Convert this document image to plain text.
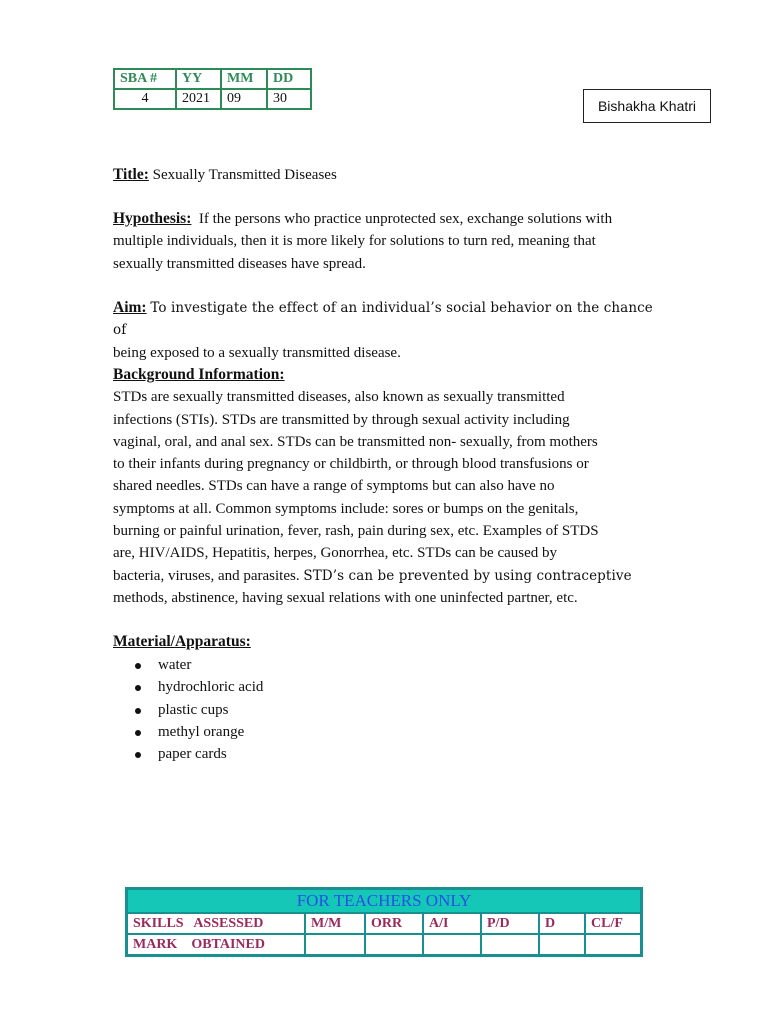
SBA #	YY	MM	DD
4	2021	09	30	Bishakha Khatri
Title: Sexually Transmitted Diseases
Hypothesis: If the persons who practice unprotected sex, exchange solutions with
multiple individuals, then it is more likely for solutions to turn red, meaning that
sexually transmitted diseases have spread.
Aim: To investigate the effect of an individual’s social behavior on the chance of
being exposed to a sexually transmitted disease.
Background Information:
STDs are sexually transmitted diseases, also known as sexually transmitted
infections (STIs). STDs are transmitted by through sexual activity including
vaginal, oral, and anal sex. STDs can be transmitted non- sexually, from mothers
to their infants during pregnancy or childbirth, or through blood transfusions or
shared needles. STDs can have a range of symptoms but can also have no
symptoms at all. Common symptoms include: sores or bumps on the genitals,
burning or painful urination, fever, rash, pain during sex, etc. Examples of STDS
are, HIV/AIDS, Hepatitis, herpes, Gonorrhea, etc. STDs can be caused by
bacteria, viruses, and parasites. STD’s can be prevented by using contraceptive
methods, abstinence, having sexual relations with one uninfected partner, etc.
Material/Apparatus:
water
hydrochloric acid
plastic cups
methyl orange
paper cards
FOR TEACHERS ONLY						
SKILLS   ASSESSED	M/M	ORR	A/I	P/D	D	CL/F
MARK    OBTAINED						
